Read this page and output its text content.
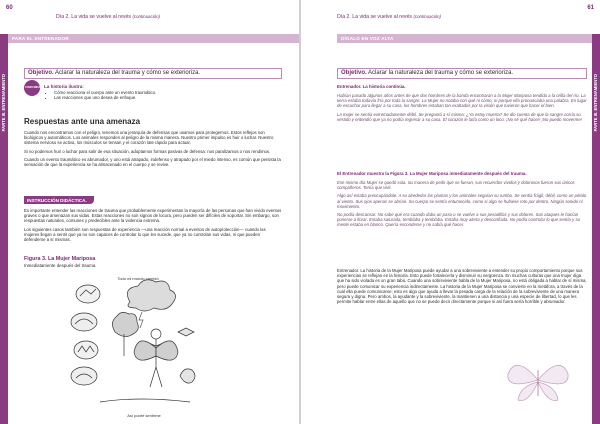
60
Día 2. La vida se vuelve al revés (continuación)
PARA EL ENTRENADOR
PARTE III. ENTRENAMIENTO
Objetivo. Aclarar la naturaleza del trauma y cómo se exterioriza.
CONOCIMIENTO La historia ilustra:
• Cómo reacciona el cuerpo ante un evento traumático.
• Las reacciones que uno desea de enfoque.
Respuestas ante una amenaza

Cuando nos encontramos con el peligro, tenemos una jerarquía de defensas que usamos para protegernos. Estos reflejos son biológicos y automáticos. Los animales responden al peligro de la misma manera. Nuestro primer impulso es huir o luchar. Nuestro sistema nervioso se activa, los músculos se tensan y el corazón late rápido para actuar.

Si no podemos huir o luchar para salir de esa situación, adoptamos formas pasivas de defensa: nos paralizamos o nos rendimos.

Cuando un evento traumático es abrumador, y uno está atrapado, indefenso y atrapado por el miedo intenso, es común que persista la sensación de que la experiencia se ha almacenado en el cuerpo y se revive.

INSTRUCCIÓN DIDÁCTICA.

Es importante entender las reacciones de trauma que probablemente experimentan la mayoría de las personas que han vivido eventos graves o que amenazan sus vidas. Estas reacciones no son signos de locura, pero pueden ser difíciles de soportar. Sin embargo, son respuestas naturales, comunes y predecibles ante la violencia extrema.

Los siguientes casos también son respuestas de experiencia —una reacción normal a eventos de autoprotección— cuando las mujeres llegan a sentir que ya no son capaces de controlar lo que les sucede, que ya no controlan sus vidas, ni que pueden defenderse a sí mismas.

Figura 3. La Mujer Mariposa
Inmediatamente después del trauma.
Todo mi mundo cambió
Así podré sentirme
61
Día 2. La vida se vuelve al revés (continuación)
DÍGALO EN VOZ ALTA
PARTE III. ENTRENAMIENTO
Objetivo. Aclarar la naturaleza del trauma y cómo se exterioriza.
Entrenador. La historia continúa.

Habían pasado algunos años antes de que dos hombres de la banda encontraran a la Mujer Mariposa tendida a la orilla del río. La tierra estaba todavía fría por toda la sangre. La Mujer no notaba con qué ni cómo, ni porque ella pronunciaba una palabra. En lugar de escuchar para llegar a su casa, los hombres estaban tan exaltados por la visión que tuvieron que hacer el bien.

La mujer se sentía extremadamente débil. Se preguntó a sí misma: ¿Ya estoy muerta? Se dio cuenta de que la sangre corría su vestido y entendió que ya no podía regresar a su casa. El corazón le latía como un loco. ¡No sé qué hacer! ¡No puedo moverme!

El Entrenador muestra la Figura 3. La Mujer Mariposa inmediatamente después del trauma.

Ese mismo día Mujer se quedó sola. Su manera de pedir que se fueran, sus recuerdos vividos y dolorosos fueron sus únicos compañeros. Tenía que vivir.

Algo así estaba preocupándole. A su alrededor las plantas y los animales seguían su rumbo. Se sentía frágil, débil, como un pétalo al viento. Sus ojos apenas se abrían. Su cuerpo se sentía entumecido, como si algo se hubiese roto por dentro. Ningún sonido ni movimiento.

No podía descansar. No sabe qué era cuando daba un paso o se vuelve a sus pesadillas y sus dolores. Sus ataques le hacían ponerse a llorar. Estaba saturada, temblaba y temblaba. Estaba muy alerta y desconfiada. No podía controlar lo que sentía y su mente estaba en blanco. Quería esconderse y no sabía qué hacer.

Entrenador. La historia de la Mujer Mariposa puede ayudar a una sobreviviente a entender su propio comportamiento porque sus experiencias se reflejan en la historia. Esto puede fortalecerla y disminuir su vergüenza. En muchas culturas que una mujer diga que ha sido violada es un gran tabú. Cuando una sobreviviente habla de la Mujer Mariposa, no está obligada a hablar de sí misma, pero puede comunicar su experiencia indirectamente. La historia de la Mujer Mariposa se convierte en la metáfora, a través de la cual ella puede comunicarse; esto es algo que ayuda a llevar la pesada carga de la relación de la sobreviviente de una manera segura y digna. Pero ambos, la ayudante y la sobreviviente, la mantienen a una distancia y una especie de libertad, lo que les permite hablar entre ellas de aquello que no se puede decir directamente porque si así fuera sería horrible y abrumador.
